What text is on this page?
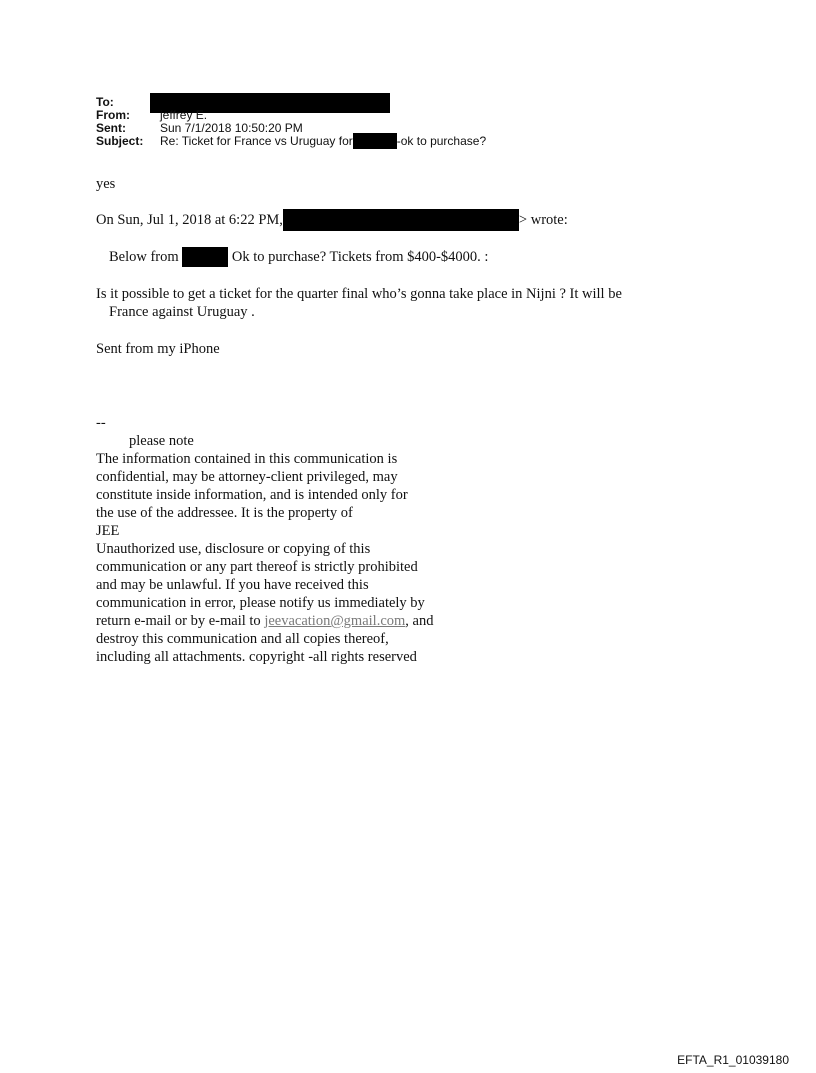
To:
From:	jeffrey E.
Sent:	Sun 7/1/2018 10:50:20 PM
Subject: Re: Ticket for France vs Uruguay for	-ok to purchase?
yes
On Sun, Jul 1, 2018 at 6:22 PM,	> wrote:
Below from	Ok to purchase? Tickets from $400-$4000. :
Is it possible to get a ticket for the quarter final who’s gonna take place in Nijni ? It will be
France against Uruguay .
Sent from my iPhone
--
please note
The information contained in this communication is
confidential, may be attorney-client privileged, may
constitute inside information, and is intended only for
the use of the addressee. It is the property of
JEE
Unauthorized use, disclosure or copying of this
communication or any part thereof is strictly prohibited
and may be unlawful. If you have received this
communication in error, please notify us immediately by
return e-mail or by e-mail to jeevacation@gmail.com, and
destroy this communication and all copies thereof,
including all attachments. copyright -all rights reserved
EFTA_R1_01039180
